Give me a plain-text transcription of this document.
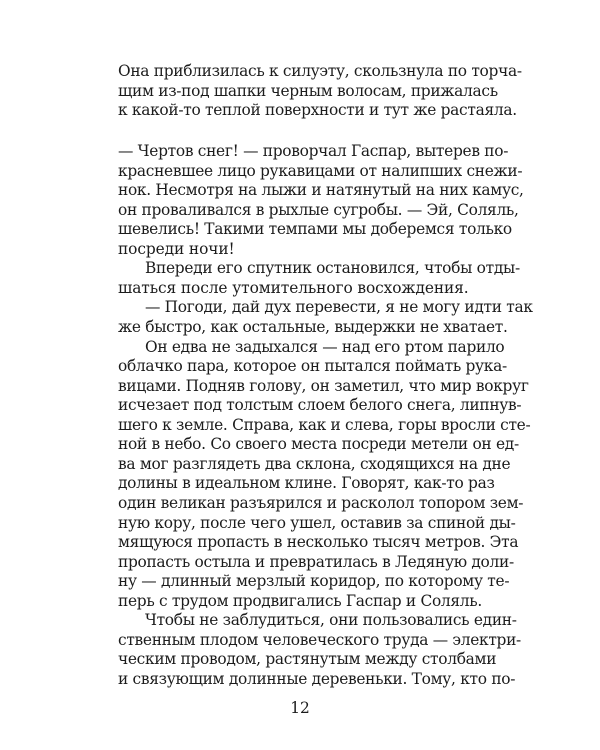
Она приблизилась к силуэту, скользнула по торча-
щим из-под шапки черным волосам, прижалась
к какой-то теплой поверхности и тут же растаяла.
— Чертов снег! — проворчал Гаспар, вытерев по-
красневшее лицо рукавицами от налипших снежи-
нок. Несмотря на лыжи и натянутый на них камус,
он проваливался в рыхлые сугробы. — Эй, Соляль,
шевелись! Такими темпами мы доберемся только
посреди ночи!
Впереди его спутник остановился, чтобы отды-
шаться после утомительного восхождения.
— Погоди, дай дух перевести, я не могу идти так
же быстро, как остальные, выдержки не хватает.
Он едва не задыхался — над его ртом парило
облачко пара, которое он пытался поймать рука-
вицами. Подняв голову, он заметил, что мир вокруг
исчезает под толстым слоем белого снега, липнув-
шего к земле. Справа, как и слева, горы вросли сте-
ной в небо. Со своего места посреди метели он ед-
ва мог разглядеть два склона, сходящихся на дне
долины в идеальном клине. Говорят, как-то раз
один великан разъярился и расколол топором зем-
ную кору, после чего ушел, оставив за спиной ды-
мящуюся пропасть в несколько тысяч метров. Эта
пропасть остыла и превратилась в Ледяную доли-
ну — длинный мерзлый коридор, по которому те-
перь с трудом продвигались Гаспар и Соляль.
Чтобы не заблудиться, они пользовались един-
ственным плодом человеческого труда — электри-
ческим проводом, растянутым между столбами
и связующим долинные деревеньки. Тому, кто по-
12
